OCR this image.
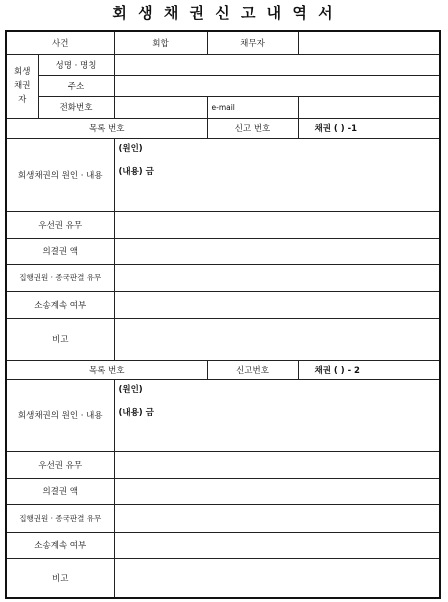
회 생 채 권 신 고 내 역 서
사건		회합	채무자	
회생
채권자	성명 · 명칭			
	주소			
	전화번호		e-mail	
목록 번호			신고 번호	채권 ( ) -1
회생채권의 원인 · 내용		(원인)
(내용) 금		

우선권 유무				
의결권 액				
집행권원 · 종국판결 유무				
소송계속 여부				
비고				
목록 번호			신고번호	채권 ( ) - 2
회생채권의 원인 · 내용		(원인)
(내용) 금		

우선권 유무				
의결권 액				
집행권원 · 종국판결 유무				
소송계속 여부				
비고				
